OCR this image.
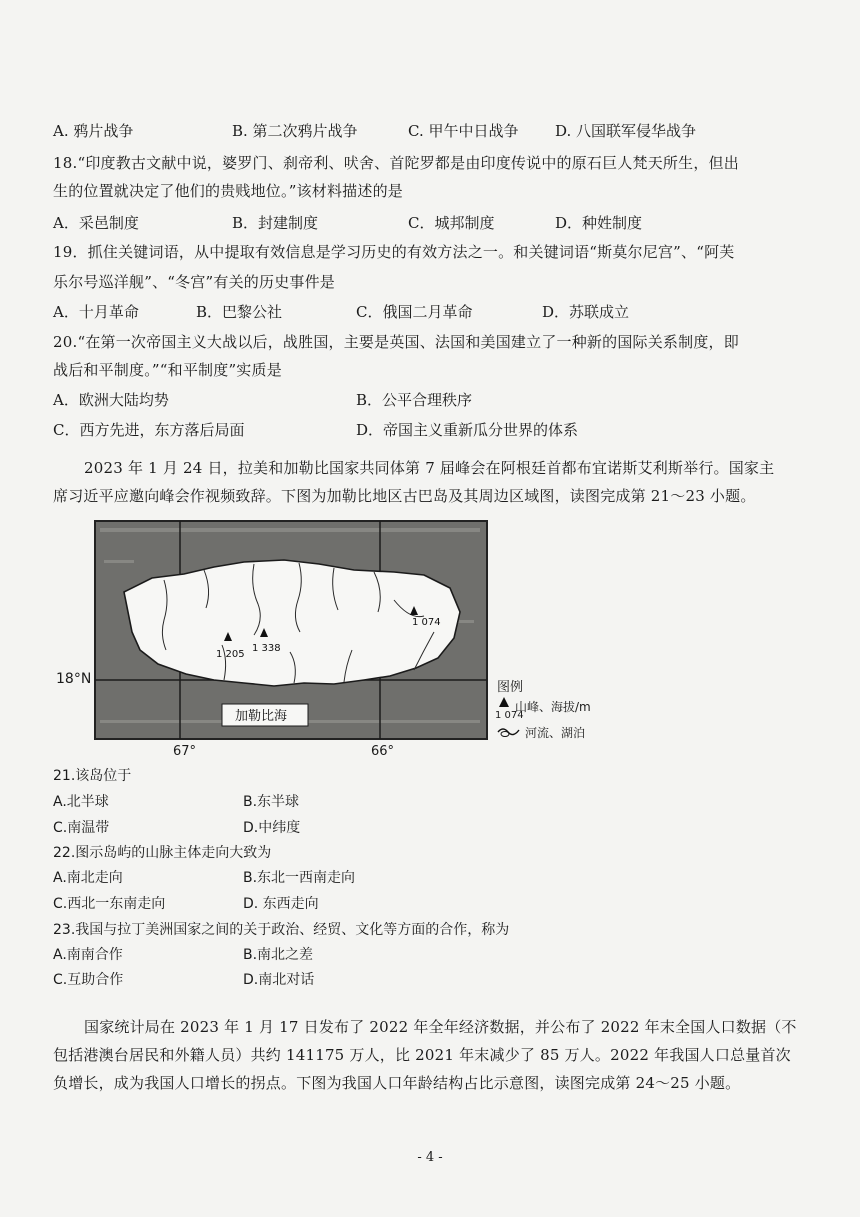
A. 鸦片战争	B. 第二次鸦片战争	C. 甲午中日战争 D. 八国联军侵华战争
18.“印度教古文献中说，婆罗门、刹帝利、吠舍、首陀罗都是由印度传说中的原石巨人梵天所生，但出
生的位置就决定了他们的贵贱地位。”该材料描述的是
A．采邑制度	B．封建制度	C．城邦制度	D．种姓制度
19．抓住关键词语，从中提取有效信息是学习历史的有效方法之一。和关键词语“斯莫尔尼宫”、“阿芙
乐尔号巡洋舰”、“冬宫”有关的历史事件是
A．十月革命	B．巴黎公社	C．俄国二月革命	D．苏联成立
20.“在第一次帝国主义大战以后，战胜国，主要是英国、法国和美国建立了一种新的国际关系制度，即
战后和平制度。”“和平制度”实质是
A．欧洲大陆均势	B．公平合理秩序
C．西方先进，东方落后局面	D．帝国主义重新瓜分世界的体系
2023 年 1 月 24 日，拉美和加勒比国家共同体第 7 届峰会在阿根廷首都布宜诺斯艾利斯举行。国家主
席习近平应邀向峰会作视频致辞。下图为加勒比地区古巴岛及其周边区域图，读图完成第 21～23 小题。
1 205
1 338
1 074
加勒比海
18°N
67°	66°
图例
山峰、海拔/m
1 074
河流、湖泊
21.该岛位于
A.北半球	B.东半球
C.南温带	D.中纬度
22.图示岛屿的山脉主体走向大致为
A.南北走向	B.东北一西南走向
C.西北一东南走向	D. 东西走向
23.我国与拉丁美洲国家之间的关于政治、经贸、文化等方面的合作，称为
A.南南合作	B.南北之差
C.互助合作	D.南北对话
国家统计局在 2023 年 1 月 17 日发布了 2022 年全年经济数据，并公布了 2022 年末全国人口数据（不
包括港澳台居民和外籍人员）共约 141175 万人，比 2021 年末减少了 85 万人。2022 年我国人口总量首次
负增长，成为我国人口增长的拐点。下图为我国人口年龄结构占比示意图，读图完成第 24～25 小题。
- 4 -
